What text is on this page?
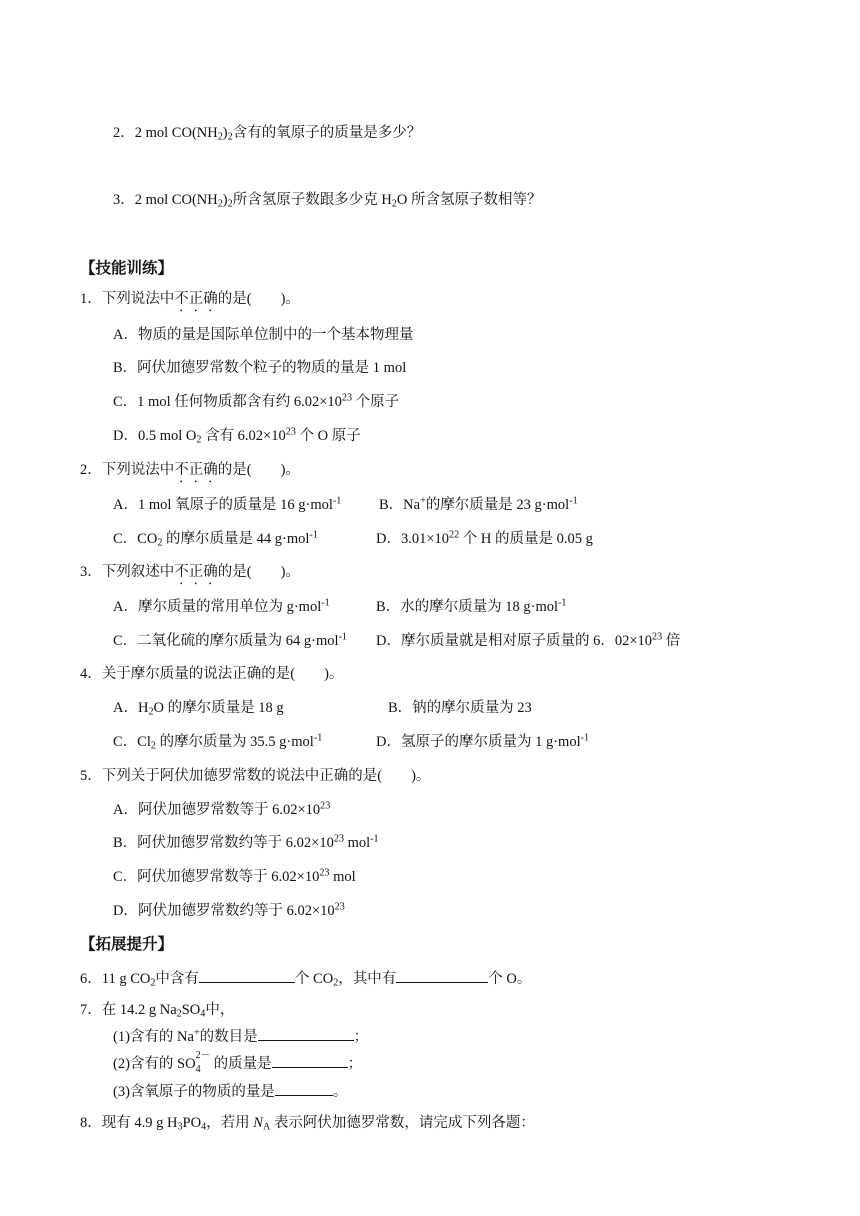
2．2 mol $CO(NH_2)_2$含有的氧原子的质量是多少？
3．2 mol $CO(NH_2)_2$所含氢原子数跟多少克 $H_2O$ 所含氢原子数相等？
【技能训练】
1．下列说法中不正确的是(　　)。
A．物质的量是国际单位制中的一个基本物理量
B．阿伏加德罗常数个粒子的物质的量是 1 mol
C．1 mol 任何物质都含有约 $6.02\times 10^{23}$ 个原子
D．0.5 mol $O_2$ 含有 $6.02\times 10^{23}$ 个 O 原子
2．下列说法中不正确的是(　　)。
A．1 mol 氧原子的质量是 16 g·mol$^{-1}$	B．Na+的摩尔质量是 23 g·mol$^{-1}$
C．$CO_2$ 的摩尔质量是 44 g·mol$^{-1}$	D．$3.01\times 10^{22}$ 个 H 的质量是 0.05 g
3．下列叙述中不正确的是(　　)。
A．摩尔质量的常用单位为 g·mol$^{-1}$	B．水的摩尔质量为 18 g·mol$^{-1}$
C．二氧化硫的摩尔质量为 64 g·mol$^{-1}$ D．摩尔质量就是相对原子质量的 6．$02\times 10^{23}$ 倍
4．关于摩尔质量的说法正确的是(　　)。
A．$H_2O$ 的摩尔质量是 18 g	B．钠的摩尔质量为 23
C．$Cl_2$ 的摩尔质量为 35.5 g·mol$^{-1}$	D．氢原子的摩尔质量为 1 g·mol$^{-1}$
5．下列关于阿伏加德罗常数的说法中正确的是(　　)。
A．阿伏加德罗常数等于 $6.02\times 10^{23}$
B．阿伏加德罗常数约等于 $6.02\times 10^{23}$ mol$^{-1}$
C．阿伏加德罗常数等于 $6.02\times 10^{23}$ mol
D．阿伏加德罗常数约等于 $6.02\times 10^{23}$
【拓展提升】
6．11 g $CO_2$中含有	个 $CO_2$，其中有	个 O。
7．在 14.2 g $Na_2SO_4$中，
(1)含有的 Na+的数目是	；
(2)含有的 SO
2－
4 的质量是	；
(3)含氧原子的物质的量是	。
8．现有 4.9 g $H_3PO_4$，若用 $N_A$ 表示阿伏加德罗常数，请完成下列各题：
